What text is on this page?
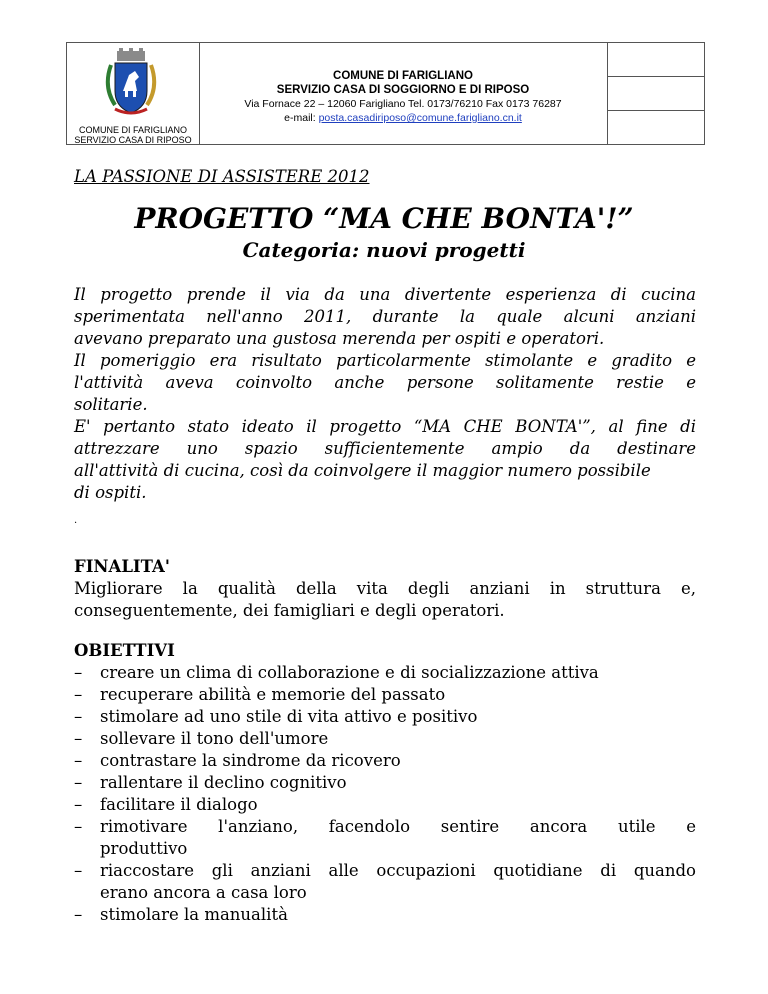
COMUNE DI FARIGLIANO
SERVIZIO CASA DI RIPOSO
COMUNE DI FARIGLIANO
SERVIZIO CASA DI SOGGIORNO E DI RIPOSO
Via Fornace 22 – 12060 Farigliano Tel. 0173/76210 Fax 0173 76287
e-mail: posta.casadiriposo@comune.farigliano.cn.it
LA PASSIONE DI ASSISTERE 2012
PROGETTO “MA CHE BONTA'!”
Categoria: nuovi progetti
Il progetto prende il via da una divertente esperienza di cucina
sperimentata nell'anno 2011, durante la quale alcuni anziani
avevano preparato una gustosa merenda per ospiti e operatori.
Il pomeriggio era risultato particolarmente stimolante e gradito e
l'attività aveva coinvolto anche persone solitamente restie e
solitarie.
E' pertanto stato ideato il progetto “MA CHE BONTA'”, al fine di
attrezzare uno spazio sufficientemente ampio da destinare
all'attività di cucina, così da coinvolgere il maggior numero possibile
di ospiti.
.
FINALITA'
Migliorare la qualità della vita degli anziani in struttura e,
conseguentemente, dei famigliari e degli operatori.
OBIETTIVI
– creare un clima di collaborazione e di socializzazione attiva
– recuperare abilità e memorie del passato
– stimolare ad uno stile di vita attivo e positivo
– sollevare il tono dell'umore
– contrastare la sindrome da ricovero
– rallentare il declino cognitivo
– facilitare il dialogo
– rimotivare l'anziano, facendolo sentire ancora utile e
produttivo
– riaccostare gli anziani alle occupazioni quotidiane di quando
erano ancora a casa loro
– stimolare la manualità
